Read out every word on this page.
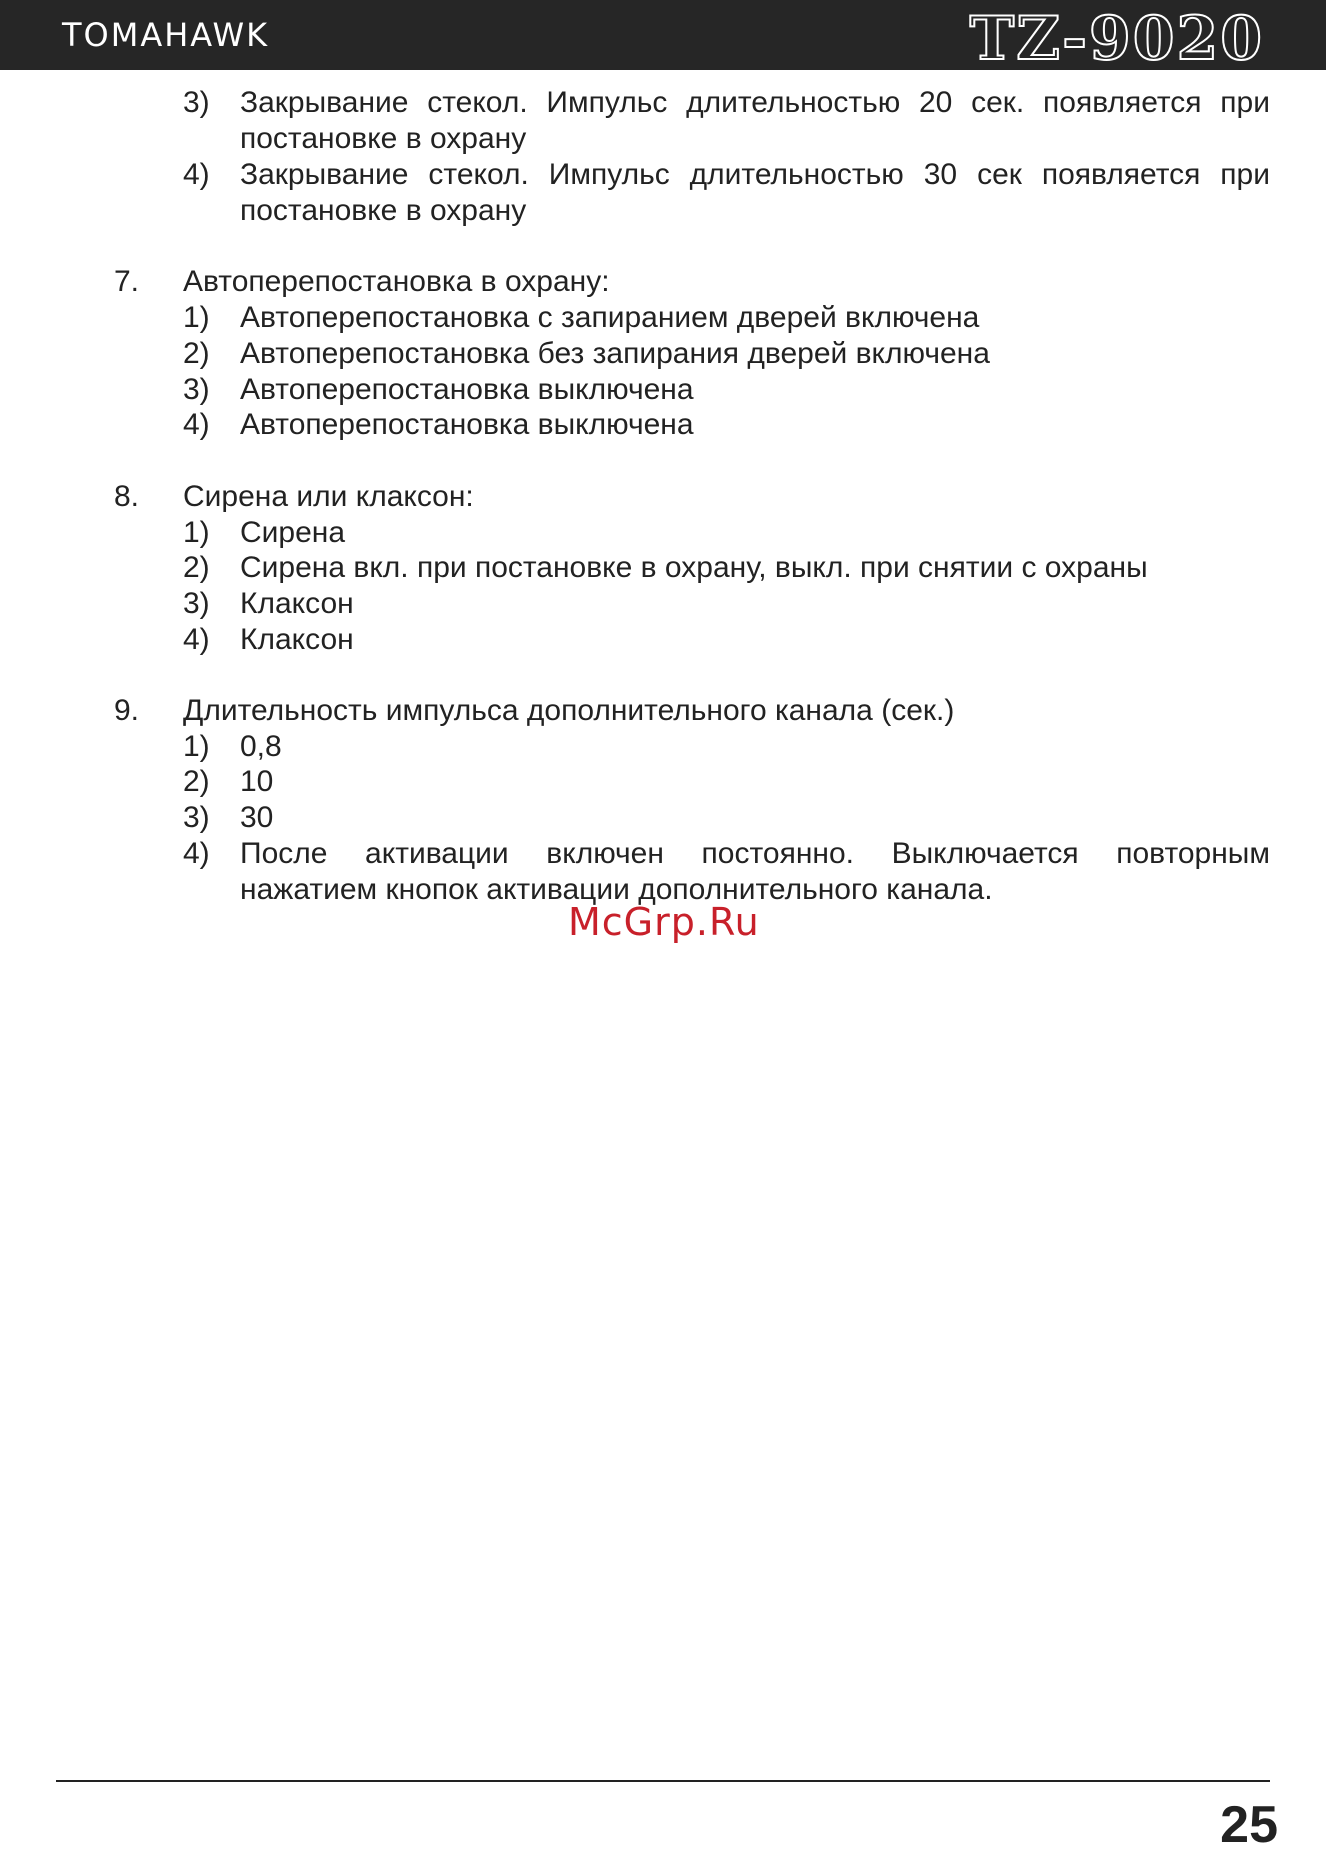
TOMAHAWK	TZ-9020
3) Закрывание стекол. Импульс длительностью 20 сек. появляется при
постановке в охрану
4) Закрывание стекол. Импульс длительностью 30 сек появляется при
постановке в охрану
7. Автоперепостановка в охрану:
1) Автоперепостановка с запиранием дверей включена
2) Автоперепостановка без запирания дверей включена
3) Автоперепостановка выключена
4) Автоперепостановка выключена
8. Сирена или клаксон:
1) Сирена
2) Сирена вкл. при постановке в охрану, выкл. при снятии с охраны
3) Клаксон
4) Клаксон
9. Длительность импульса дополнительного канала (сек.)
1) 0,8
2) 10
3) 30
4) После активации включен постоянно. Выключается повторным
нажатием кнопок активации дополнительного канала.
McGrp.Ru
25
